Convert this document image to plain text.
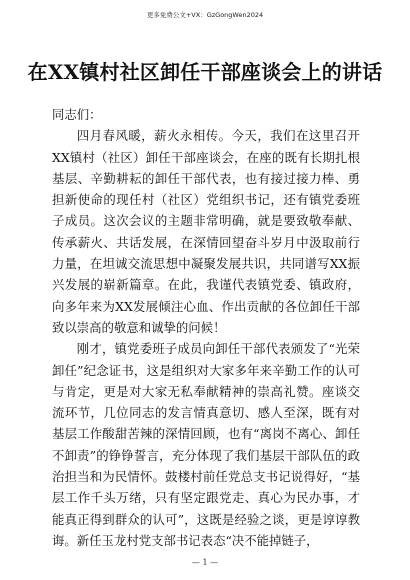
更多免费公文+VX：GzGongWen2024
在XX镇村社区卸任干部座谈会上的讲话

同志们：

四月春风暖，薪火永相传。今天，我们在这里召开XX镇村（社区）卸任干部座谈会，在座的既有长期扎根基层、辛勤耕耘的卸任干部代表，也有接过接力棒、勇担新使命的现任村（社区）党组织书记，还有镇党委班子成员。这次会议的主题非常明确，就是要致敬奉献、传承薪火、共话发展，在深情回望奋斗岁月中汲取前行力量，在坦诚交流思想中凝聚发展共识，共同谱写XX振兴发展的崭新篇章。在此，我谨代表镇党委、镇政府，向多年来为XX发展倾注心血、作出贡献的各位卸任干部致以崇高的敬意和诚挚的问候！

刚才，镇党委班子成员向卸任干部代表颁发了“光荣卸任”纪念证书，这是组织对大家多年来辛勤工作的认可与肯定，更是对大家无私奉献精神的崇高礼赞。座谈交流环节，几位同志的发言情真意切、感人至深，既有对基层工作酸甜苦辣的深情回顾，也有“离岗不离心、卸任不卸责”的铮铮誓言，充分体现了我们基层干部队伍的政治担当和为民情怀。鼓楼村前任党总支书记说得好，“基层工作千头万绪，只有坚定跟党走、真心为民办事，才能真正得到群众的认可”，这既是经验之谈，更是谆谆教诲。新任玉龙村党支部书记表态“决不能掉链子，

— 1 —
